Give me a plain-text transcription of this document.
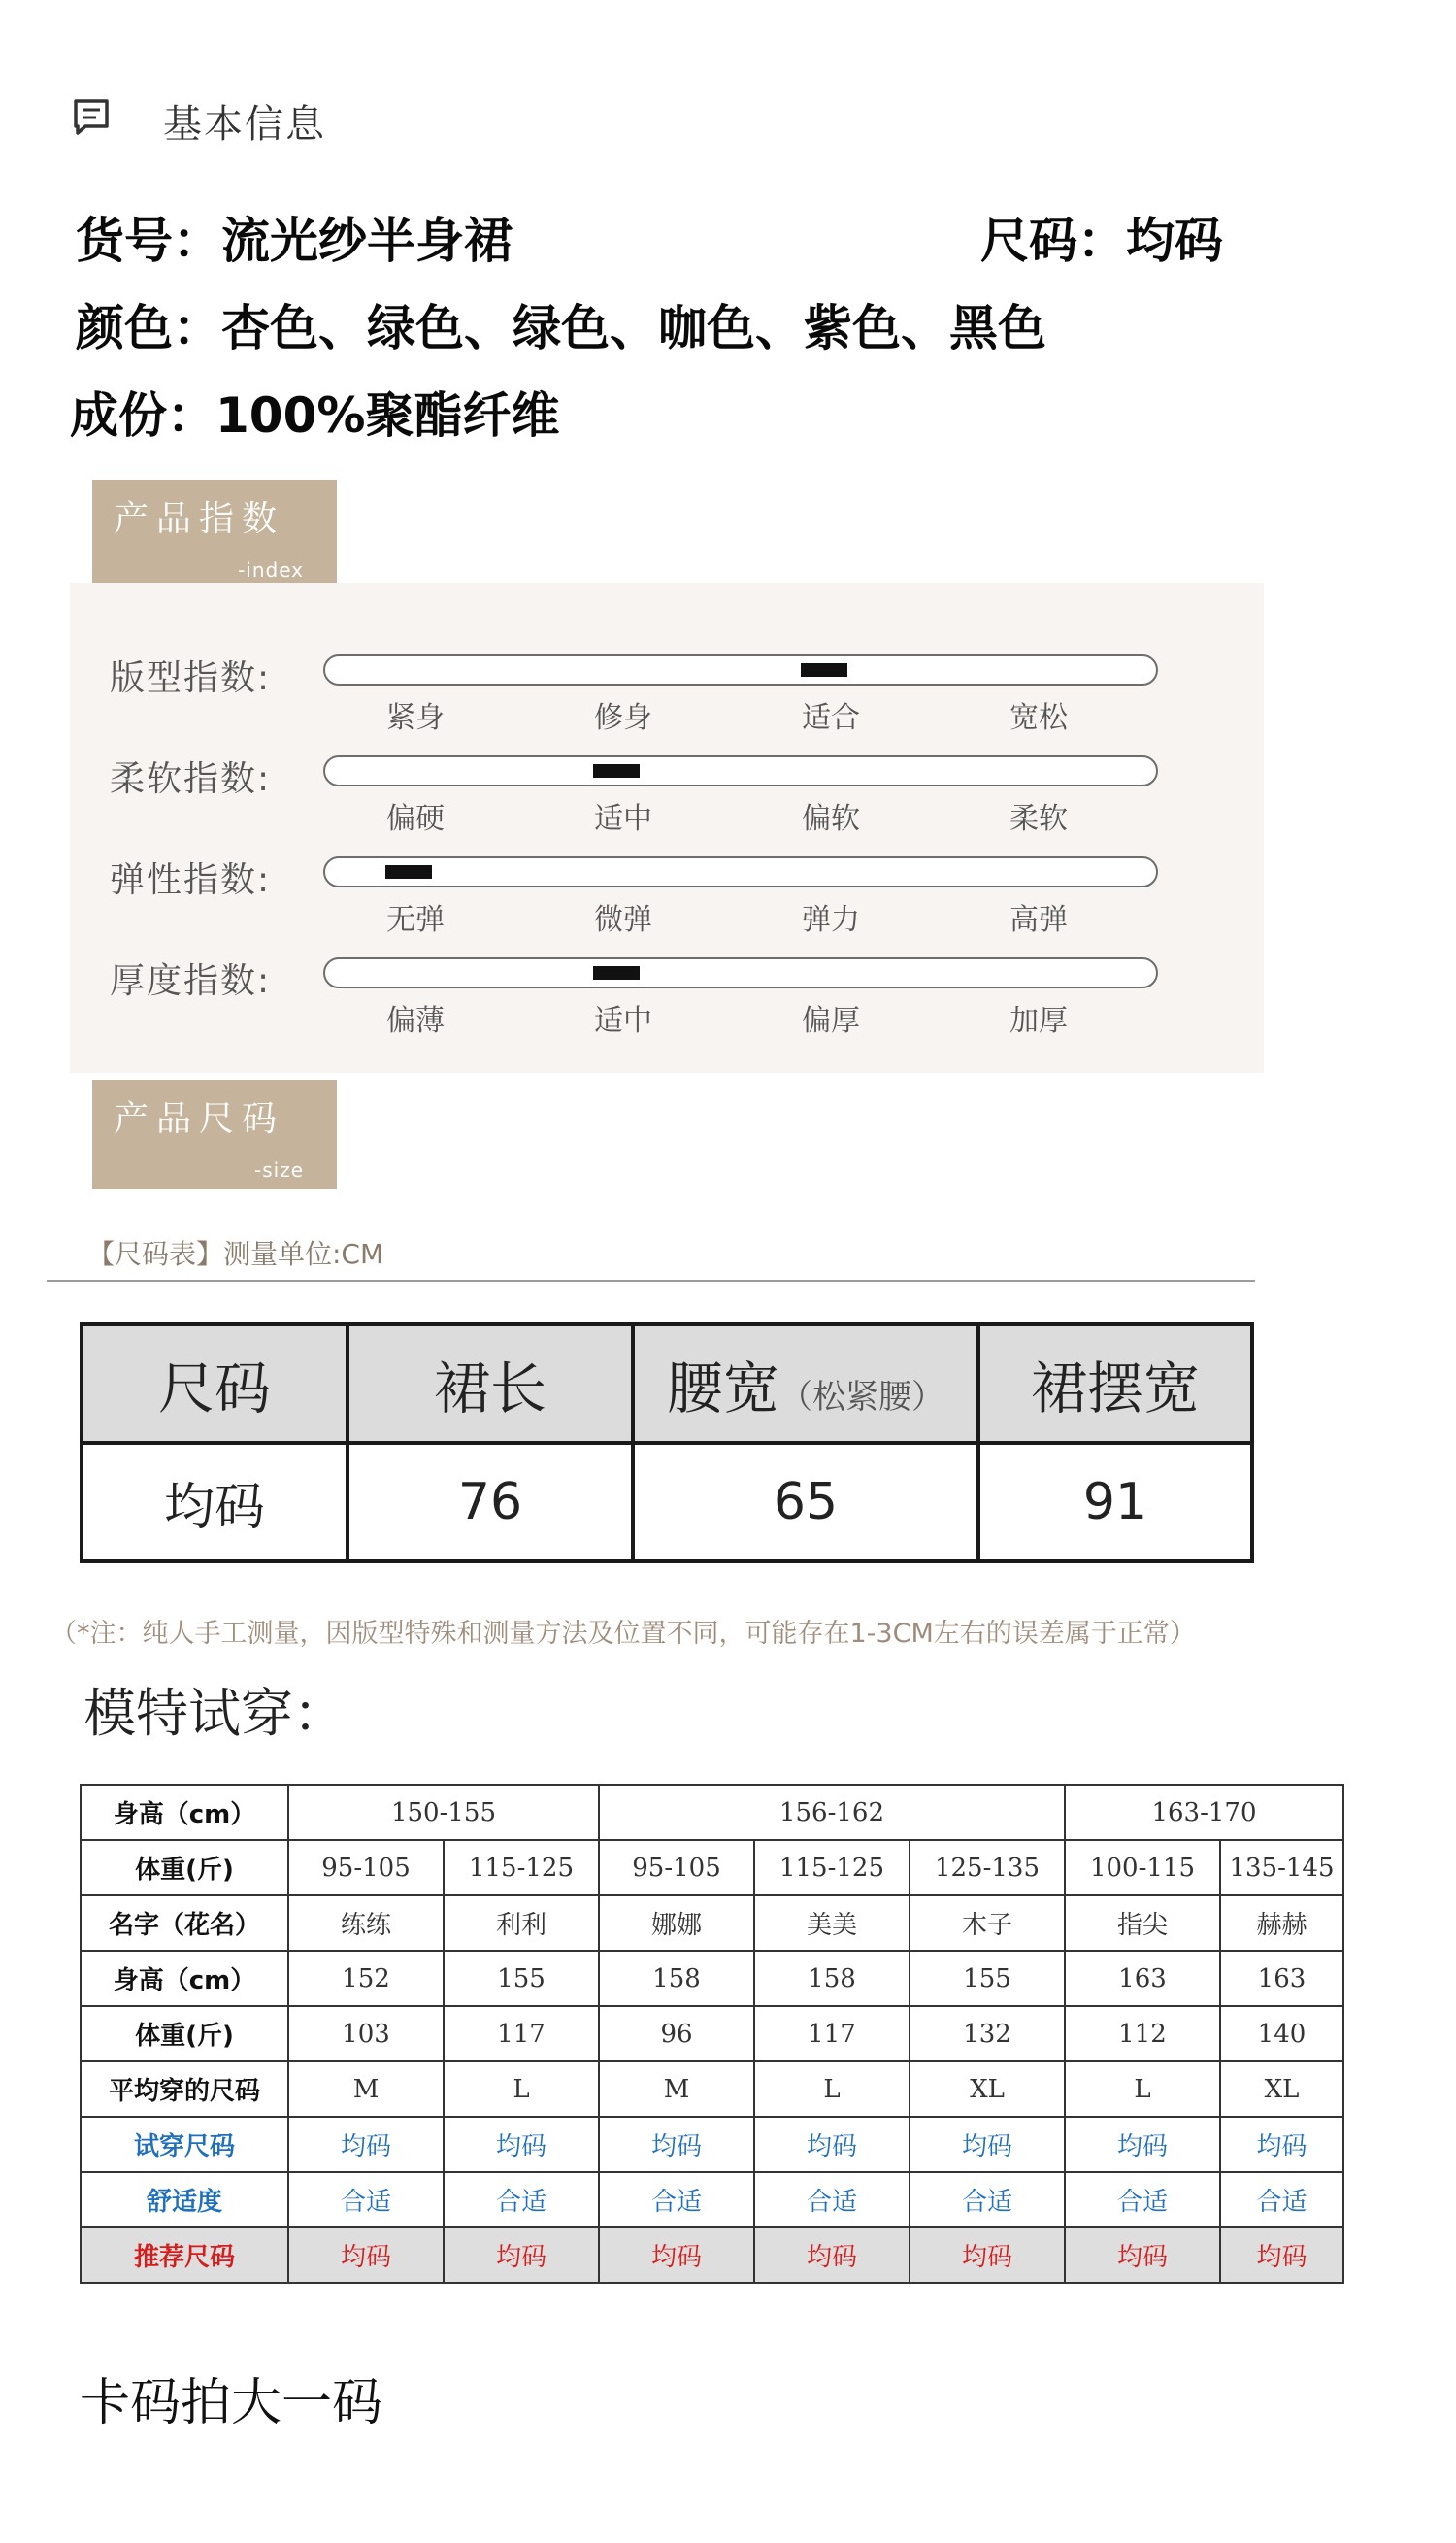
基本信息
货号：流光纱半身裙	尺码：均码
颜色：杏色、绿色、绿色、咖色、紫色、黑色
成份：100%聚酯纤维
产品指数
-index
版型指数:
紧身	修身	适合	宽松
柔软指数:
偏硬	适中	偏软	柔软
弹性指数:
无弹	微弹	弹力	高弹
厚度指数:
偏薄	适中	偏厚	加厚
产品尺码
-size
【尺码表】测量单位:CM
尺码	裙长	腰宽（松紧腰）	裙摆宽
均码	76	65	91
（*注：纯人手工测量，因版型特殊和测量方法及位置不同，可能存在1-3CM左右的误差属于正常）
模特试穿：
身高（cm）	150-155		156-162			163-170	
体重(斤)	95-105	115-125	95-105	115-125	125-135	100-115	135-145
名字（花名）	练练	利利	娜娜	美美	木子	指尖	赫赫
身高（cm）	152	155	158	158	155	163	163
体重(斤)	103	117	96	117	132	112	140
平均穿的尺码	M	L	M	L	XL	L	XL
试穿尺码	均码	均码	均码	均码	均码	均码	均码
舒适度	合适	合适	合适	合适	合适	合适	合适
推荐尺码	均码	均码	均码	均码	均码	均码	均码
卡码拍大一码
